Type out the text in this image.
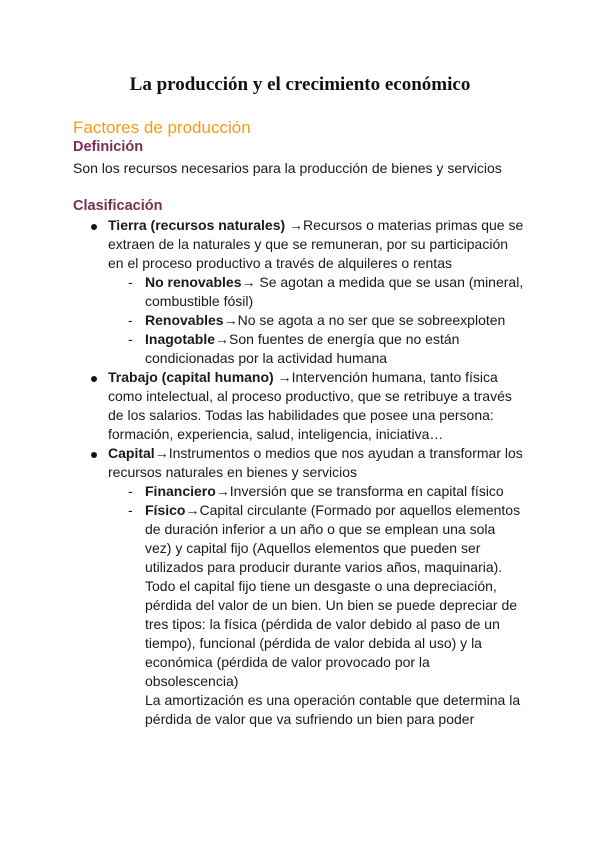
La producción y el crecimiento económico
Factores de producción
Definición
Son los recursos necesarios para la producción de bienes y servicios
Clasificación
Tierra (recursos naturales) →Recursos o materias primas que se
extraen de la naturales y que se remuneran, por su participación
en el proceso productivo a través de alquileres o rentas
- No renovables→ Se agotan a medida que se usan (mineral,
combustible fósil)
- Renovables→No se agota a no ser que se sobreexploten
- Inagotable→Son fuentes de energía que no están
condicionadas por la actividad humana
Trabajo (capital humano) →Intervención humana, tanto física
como intelectual, al proceso productivo, que se retribuye a través
de los salarios. Todas las habilidades que posee una persona:
formación, experiencia, salud, inteligencia, iniciativa…
Capital→Instrumentos o medios que nos ayudan a transformar los
recursos naturales en bienes y servicios
- Financiero→Inversión que se transforma en capital físico
- Físico→Capital circulante (Formado por aquellos elementos
de duración inferior a un año o que se emplean una sola
vez) y capital fijo (Aquellos elementos que pueden ser
utilizados para producir durante varios años, maquinaria).
Todo el capital fijo tiene un desgaste o una depreciación,
pérdida del valor de un bien. Un bien se puede depreciar de
tres tipos: la física (pérdida de valor debido al paso de un
tiempo), funcional (pérdida de valor debida al uso) y la
económica (pérdida de valor provocado por la
obsolescencia)
La amortización es una operación contable que determina la
pérdida de valor que va sufriendo un bien para poder
